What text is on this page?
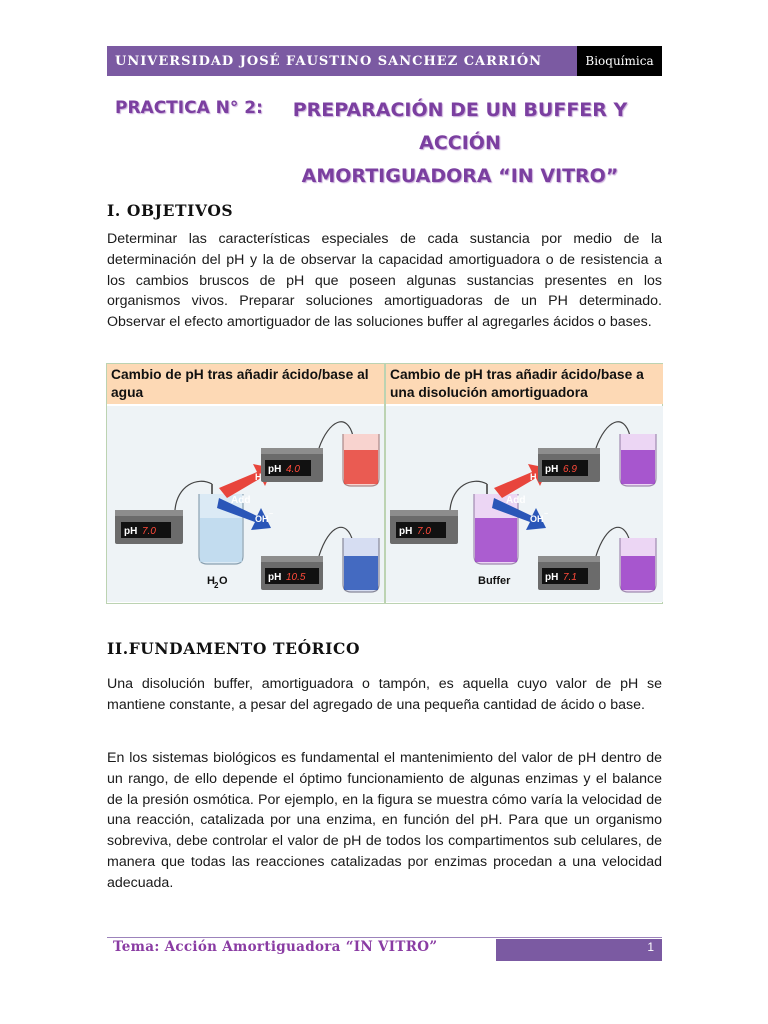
UNIVERSIDAD JOSÉ FAUSTINO SANCHEZ CARRIÓN	Bioquímica
PRACTICA N° 2:	PREPARACIÓN DE UN BUFFER Y ACCIÓN
AMORTIGUADORA “IN VITRO”
I. OBJETIVOS
Determinar las características especiales de cada sustancia por medio de la determinación del pH y la de observar la capacidad amortiguadora o de resistencia a los cambios bruscos de pH que poseen algunas sustancias presentes en los organismos vivos. Preparar soluciones amortiguadoras de un PH determinado. Observar el efecto amortiguador de las soluciones buffer al agregarles ácidos o bases.
Cambio de pH tras añadir ácido/base al agua
pH 7.0
H 2 O
Add
H
OH −
pH 4.0
pH 10.5
Cambio de pH tras añadir ácido/base a una disolución amortiguadora
pH 7.0
Buffer
Add
H
OH −
pH 6.9
pH 7.1
II.FUNDAMENTO TEÓRICO
Una disolución buffer, amortiguadora o tampón, es aquella cuyo valor de pH se mantiene constante, a pesar del agregado de una pequeña cantidad de ácido o base.
En los sistemas biológicos es fundamental el mantenimiento del valor de pH dentro de un rango, de ello depende el óptimo funcionamiento de algunas enzimas y el balance de la presión osmótica. Por ejemplo, en la figura se muestra cómo varía la velocidad de una reacción, catalizada por una enzima, en función del pH. Para que un organismo sobreviva, debe controlar el valor de pH de todos los compartimentos sub celulares, de manera que todas las reacciones catalizadas por enzimas procedan a una velocidad adecuada.
Tema: Acción Amortiguadora “IN VITRO”	1
